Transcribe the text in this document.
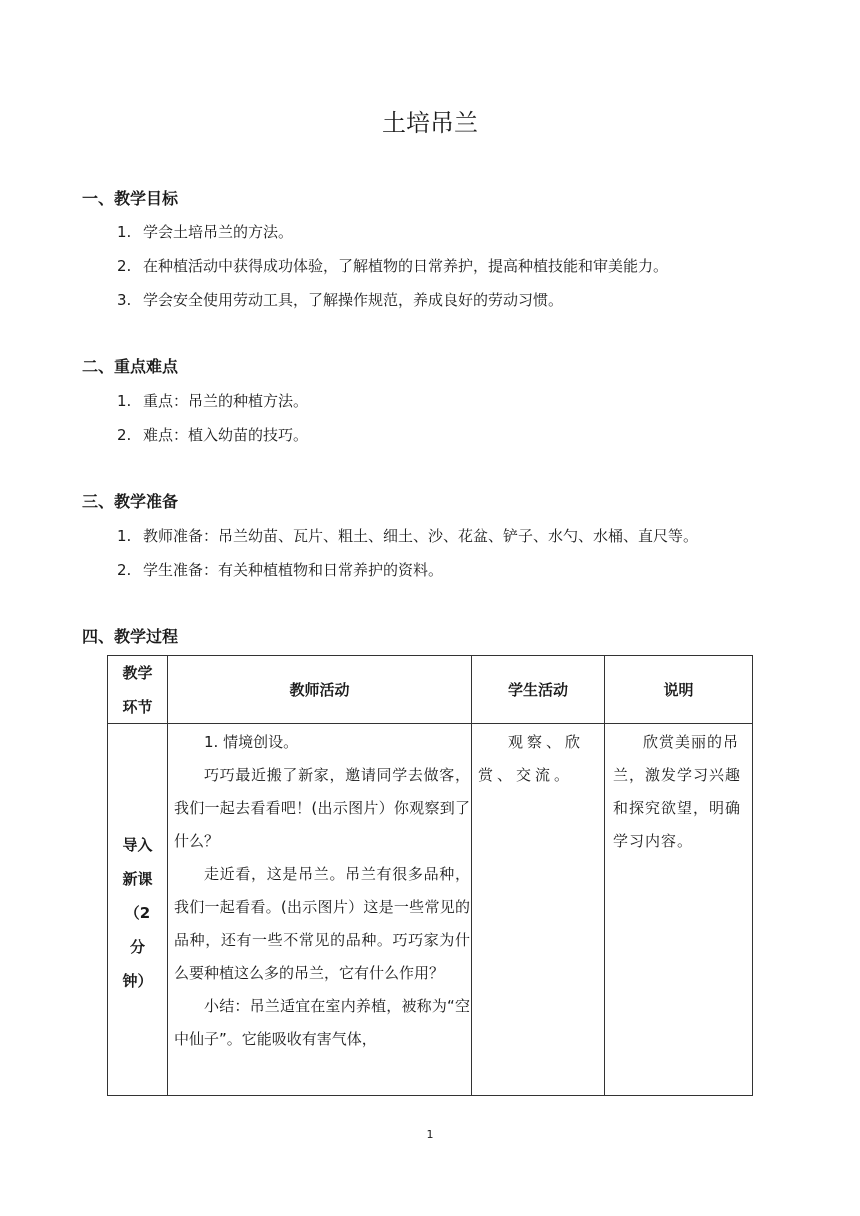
土培吊兰
一、教学目标
1. 学会土培吊兰的方法。
2. 在种植活动中获得成功体验，了解植物的日常养护，提高种植技能和审美能力。
3. 学会安全使用劳动工具，了解操作规范，养成良好的劳动习惯。
二、重点难点
1. 重点：吊兰的种植方法。
2. 难点：植入幼苗的技巧。
三、教学准备
1. 教师准备：吊兰幼苗、瓦片、粗土、细土、沙、花盆、铲子、水勺、水桶、直尺等。
2. 学生准备：有关种植植物和日常养护的资料。
四、教学过程
教学
环节
教师活动	学生活动	说明
导入
新课
（2
分
钟）

1. 情境创设。

巧巧最近搬了新家，邀请同学去做客，我们一起去看看吧！(出示图片）你观察到了什么？

走近看，这是吊兰。吊兰有很多品种，我们一起看看。(出示图片）这是一些常见的品种，还有一些不常见的品种。巧巧家为什么要种植这么多的吊兰，它有什么作用？

小结：吊兰适宜在室内养植，被称为“空中仙子”。它能吸收有害气体，

观察、欣赏、交流。
欣赏美丽的吊兰，激发学习兴趣和探究欲望，明确学习内容。
1
